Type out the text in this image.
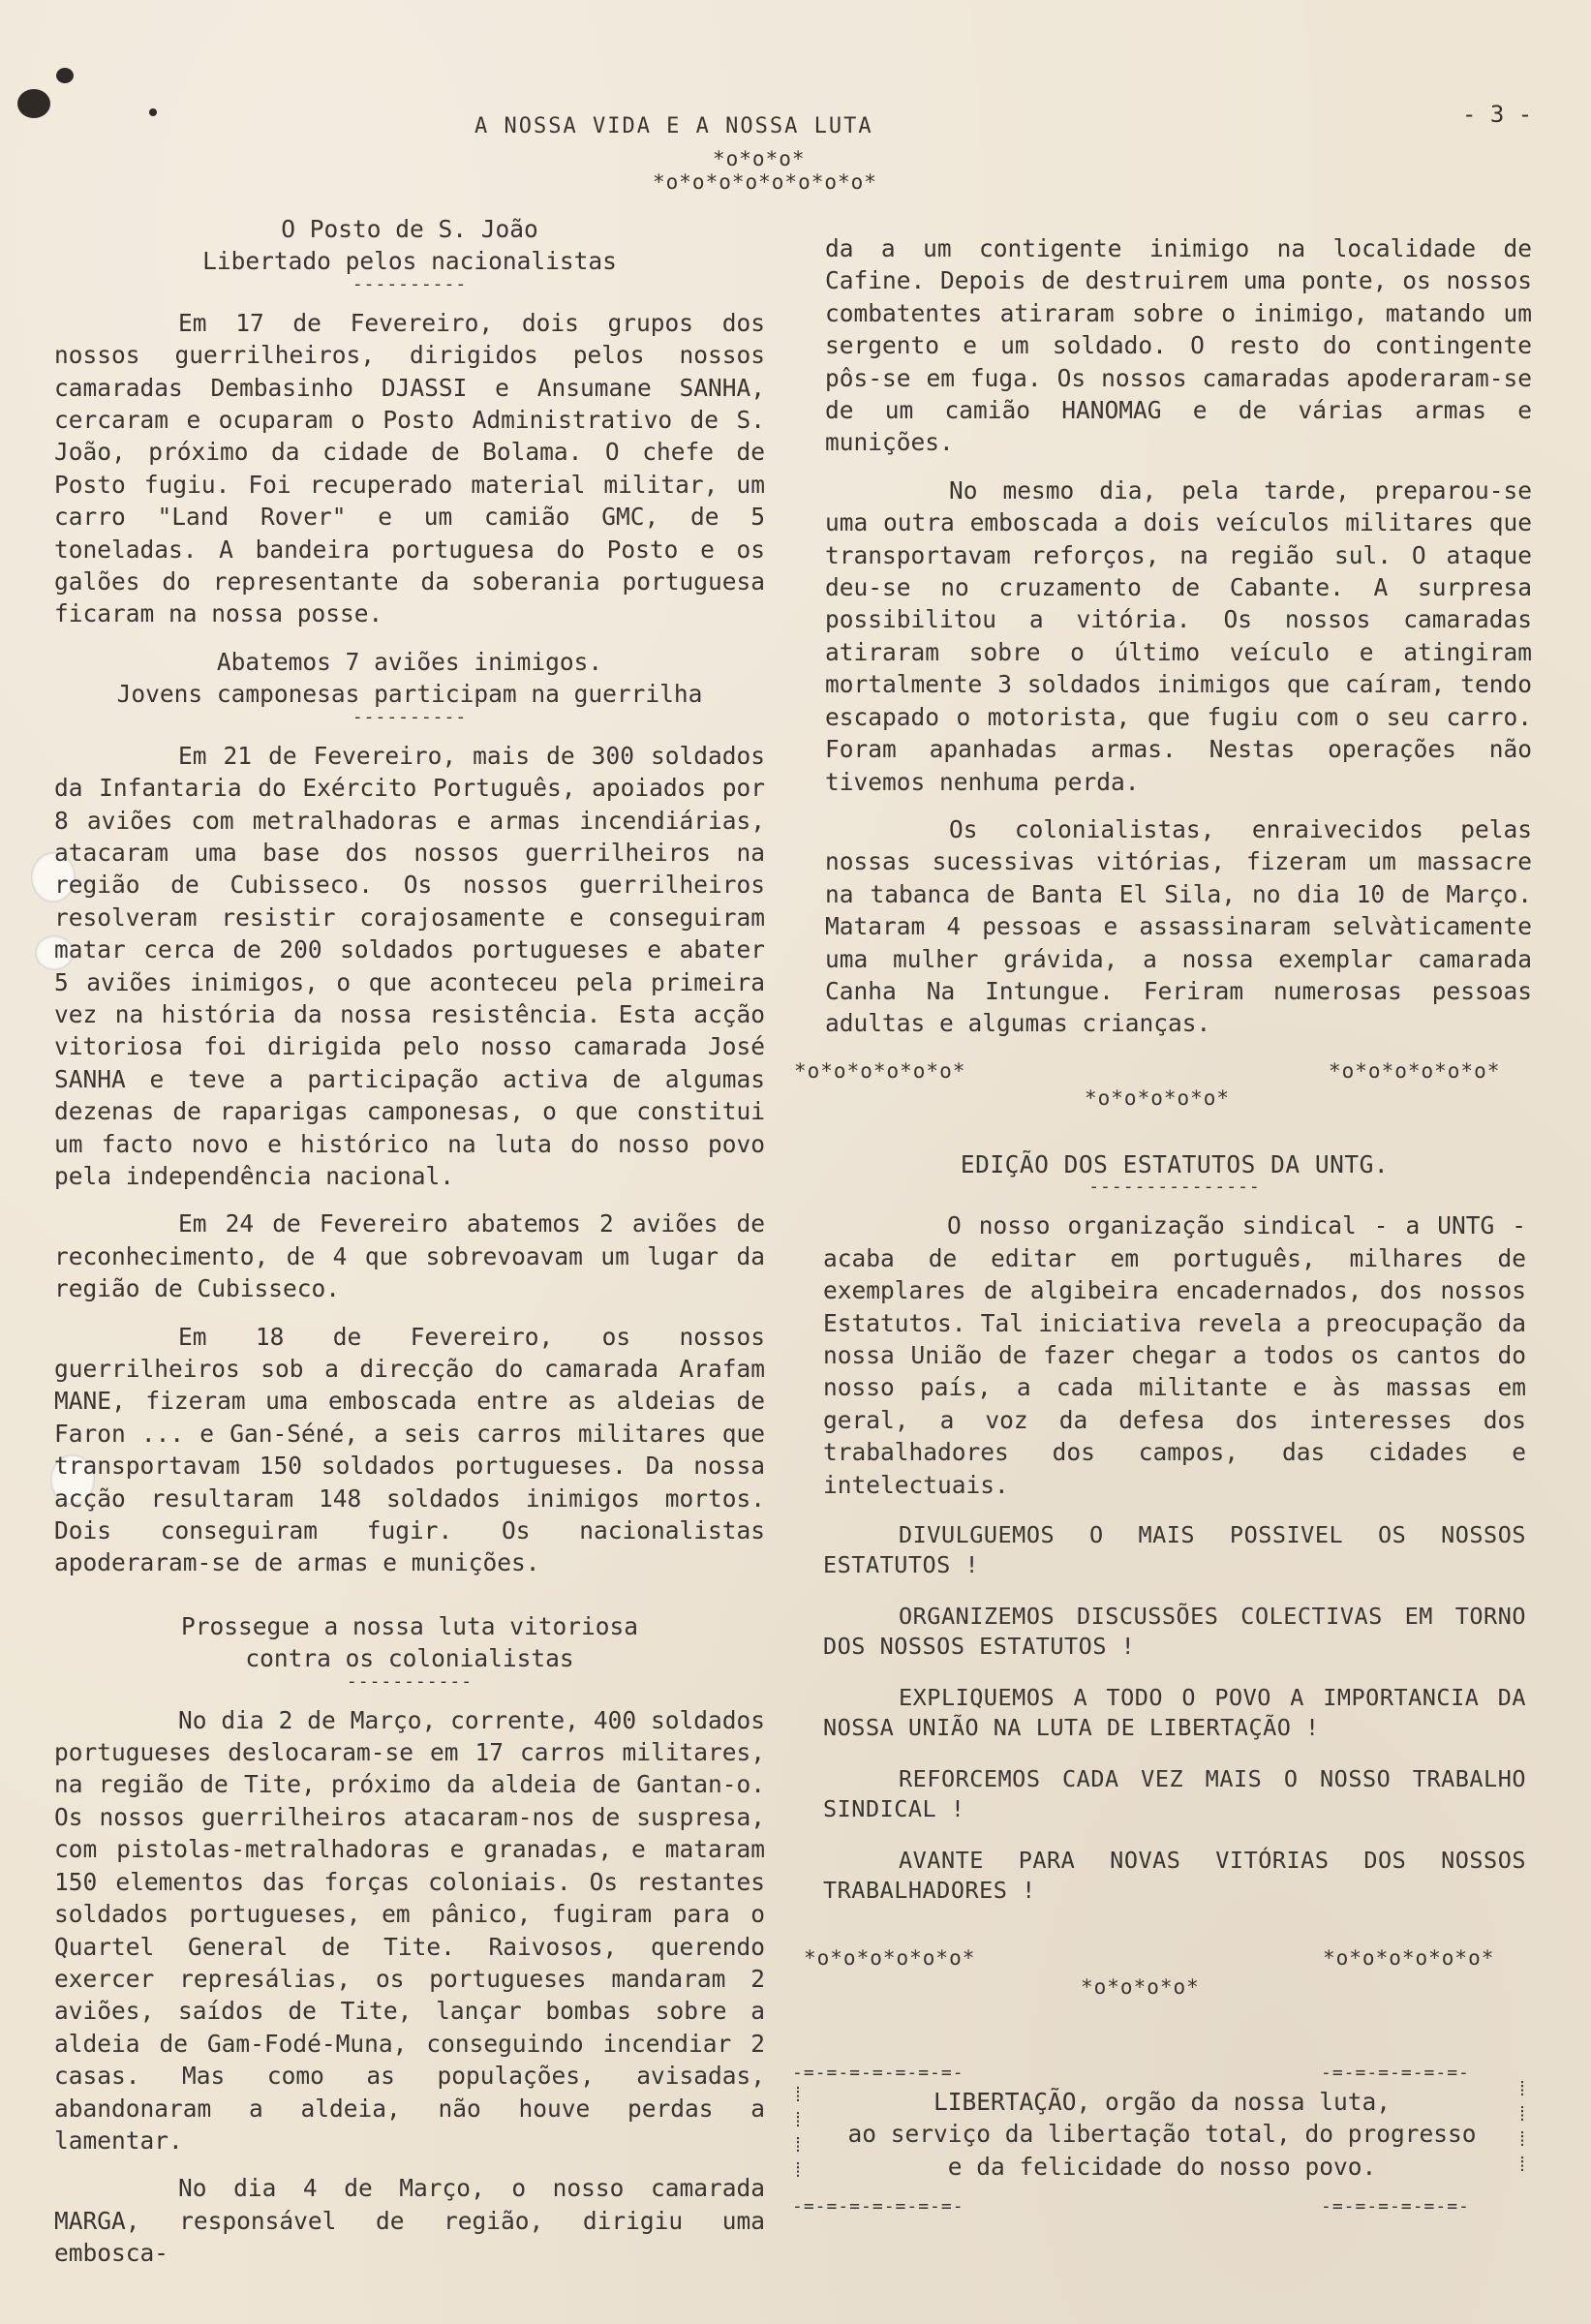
A NOSSA VIDA E A NOSSA LUTA	- 3 -
*o*o*o*
*o*o*o*o*o*o*o*o*
O Posto de S. João
Libertado pelos nacionalistas
----------

Em 17 de Fevereiro, dois grupos dos nossos guerrilheiros, dirigidos pelos nossos camaradas Dembasinho DJASSI e Ansumane SANHA, cercaram e ocuparam o Posto Administrativo de S. João, próximo da cidade de Bolama. O chefe de Posto fugiu. Foi recuperado material militar, um carro "Land Rover" e um camião GMC, de 5 toneladas. A bandeira portuguesa do Posto e os galões do representante da soberania portuguesa ficaram na nossa posse.

Abatemos 7 aviões inimigos.
Jovens camponesas participam na guerrilha
----------

Em 21 de Fevereiro, mais de 300 soldados da Infantaria do Exército Português, apoiados por 8 aviões com metralhadoras e armas incendiárias, atacaram uma base dos nossos guerrilheiros na região de Cubisseco. Os nossos guerrilheiros resolveram resistir corajosamente e conseguiram matar cerca de 200 soldados portugueses e abater 5 aviões inimigos, o que aconteceu pela primeira vez na história da nossa resistência. Esta acção vitoriosa foi dirigida pelo nosso camarada José SANHA e teve a participação activa de algumas dezenas de raparigas camponesas, o que constitui um facto novo e histórico na luta do nosso povo pela independência nacional.

Em 24 de Fevereiro abatemos 2 aviões de reconhecimento, de 4 que sobrevoavam um lugar da região de Cubisseco.

Em 18 de Fevereiro, os nossos guerrilheiros sob a direcção do camarada Arafam MANE, fizeram uma emboscada entre as aldeias de Faron ... e Gan-Séné, a seis carros militares que transportavam 150 soldados portugueses. Da nossa acção resultaram 148 soldados inimigos mortos. Dois conseguiram fugir. Os nacionalistas apoderaram-se de armas e munições.

Prossegue a nossa luta vitoriosa
contra os colonialistas
-----------

No dia 2 de Março, corrente, 400 soldados portugueses deslocaram-se em 17 carros militares, na região de Tite, próximo da aldeia de Gantan-o. Os nossos guerrilheiros atacaram-nos de suspresa, com pistolas-metralhadoras e granadas, e mataram 150 elementos das forças coloniais. Os restantes soldados portugueses, em pânico, fugiram para o Quartel General de Tite. Raivosos, querendo exercer represálias, os portugueses mandaram 2 aviões, saídos de Tite, lançar bombas sobre a aldeia de Gam-Fodé-Muna, conseguindo incendiar 2 casas. Mas como as populações, avisadas, abandonaram a aldeia, não houve perdas a lamentar.

No dia 4 de Março, o nosso camarada MARGA, responsável de região, dirigiu uma embosca-

da a um contigente inimigo na localidade de Cafine. Depois de destruirem uma ponte, os nossos combatentes atiraram sobre o inimigo, matando um sergento e um soldado. O resto do contingente pôs-se em fuga. Os nossos camaradas apoderaram-se de um camião HANOMAG e de várias armas e munições.

No mesmo dia, pela tarde, preparou-se uma outra emboscada a dois veículos militares que transportavam reforços, na região sul. O ataque deu-se no cruzamento de Cabante. A surpresa possibilitou a vitória. Os nossos camaradas atiraram sobre o último veículo e atingiram mortalmente 3 soldados inimigos que caíram, tendo escapado o motorista, que fugiu com o seu carro. Foram apanhadas armas. Nestas operações não tivemos nenhuma perda.

Os colonialistas, enraivecidos pelas nossas sucessivas vitórias, fizeram um massacre na tabanca de Banta El Sila, no dia 10 de Março. Mataram 4 pessoas e assassinaram selvàticamente uma mulher grávida, a nossa exemplar camarada Canha Na Intungue. Feriram numerosas pessoas adultas e algumas crianças.

*o*o*o*o*o*o*	*o*o*o*o*o*o*
*o*o*o*o*o*
EDIÇÃO DOS ESTATUTOS DA UNTG.
---------------

O nosso organização sindical - a UNTG - acaba de editar em português, milhares de exemplares de algibeira encadernados, dos nossos Estatutos. Tal iniciativa revela a preocupação da nossa União de fazer chegar a todos os cantos do nosso país, a cada militante e às massas em geral, a voz da defesa dos interesses dos trabalhadores dos campos, das cidades e intelectuais.

DIVULGUEMOS O MAIS POSSIVEL OS NOSSOS ESTATUTOS !

ORGANIZEMOS DISCUSSÕES COLECTIVAS EM TORNO DOS NOSSOS ESTATUTOS !

EXPLIQUEMOS A TODO O POVO A IMPORTANCIA DA NOSSA UNIÃO NA LUTA DE LIBERTAÇÃO !

REFORCEMOS CADA VEZ MAIS O NOSSO TRABALHO SINDICAL !

AVANTE PARA NOVAS VITÓRIAS DOS NOSSOS TRABALHADORES !

*o*o*o*o*o*o*	*o*o*o*o*o*o*
*o*o*o*o*
-=-=-=-=-=-=-=-	-=-=-=-=-=-=-
⁞
⁞
⁞
⁞
⁞
⁞
⁞
⁞
LIBERTAÇÃO, orgão da nossa luta,
ao serviço da libertação total, do progresso
e da felicidade do nosso povo.
-=-=-=-=-=-=-=-	-=-=-=-=-=-=-
